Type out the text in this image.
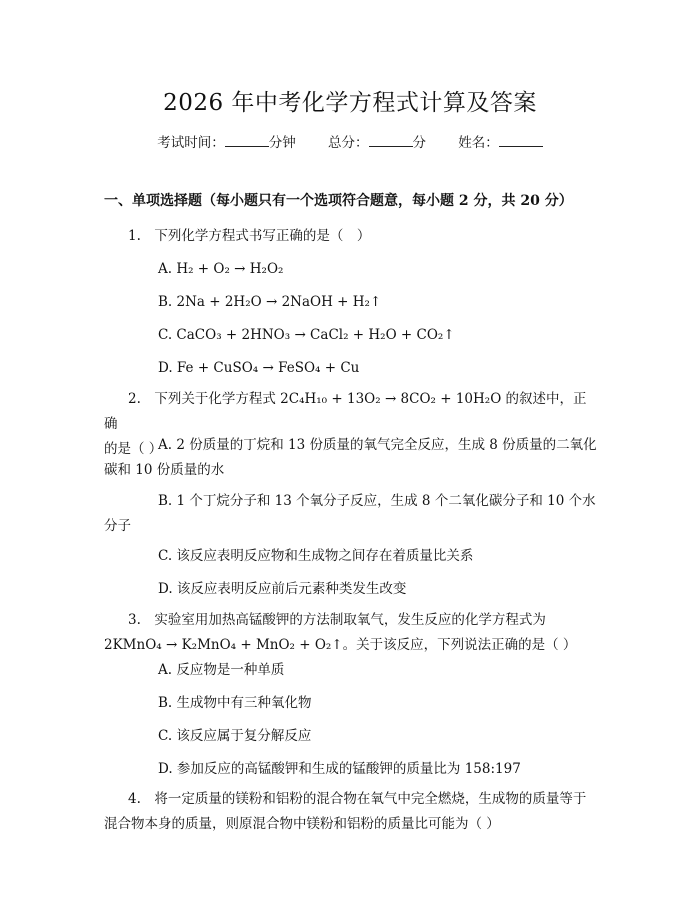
2026 年中考化学方程式计算及答案
考试时间：	分钟 总分：	分 姓名：
一、单项选择题（每小题只有一个选项符合题意，每小题 2 分，共 20 分）
1.　下列化学方程式书写正确的是（　）
A. H₂ + O₂ → H₂O₂
B. 2Na + 2H₂O → 2NaOH + H₂↑
C. CaCO₃ + 2HNO₃ → CaCl₂ + H₂O + CO₂↑
D. Fe + CuSO₄ → FeSO₄ + Cu
2.　下列关于化学方程式 2C₄H₁₀ + 13O₂ → 8CO₂ + 10H₂O 的叙述中，正确
的是（ ）
A. 2 份质量的丁烷和 13 份质量的氧气完全反应，生成 8 份质量的二氧化
碳和 10 份质量的水
B. 1 个丁烷分子和 13 个氧分子反应，生成 8 个二氧化碳分子和 10 个水
分子
C. 该反应表明反应物和生成物之间存在着质量比关系
D. 该反应表明反应前后元素种类发生改变
3.　实验室用加热高锰酸钾的方法制取氧气，发生反应的化学方程式为
2KMnO₄ → K₂MnO₄ + MnO₂ + O₂↑。关于该反应，下列说法正确的是（ ）
A. 反应物是一种单质
B. 生成物中有三种氧化物
C. 该反应属于复分解反应
D. 参加反应的高锰酸钾和生成的锰酸钾的质量比为 158:197
4.　将一定质量的镁粉和铝粉的混合物在氧气中完全燃烧，生成物的质量等于
混合物本身的质量，则原混合物中镁粉和铝粉的质量比可能为（ ）
